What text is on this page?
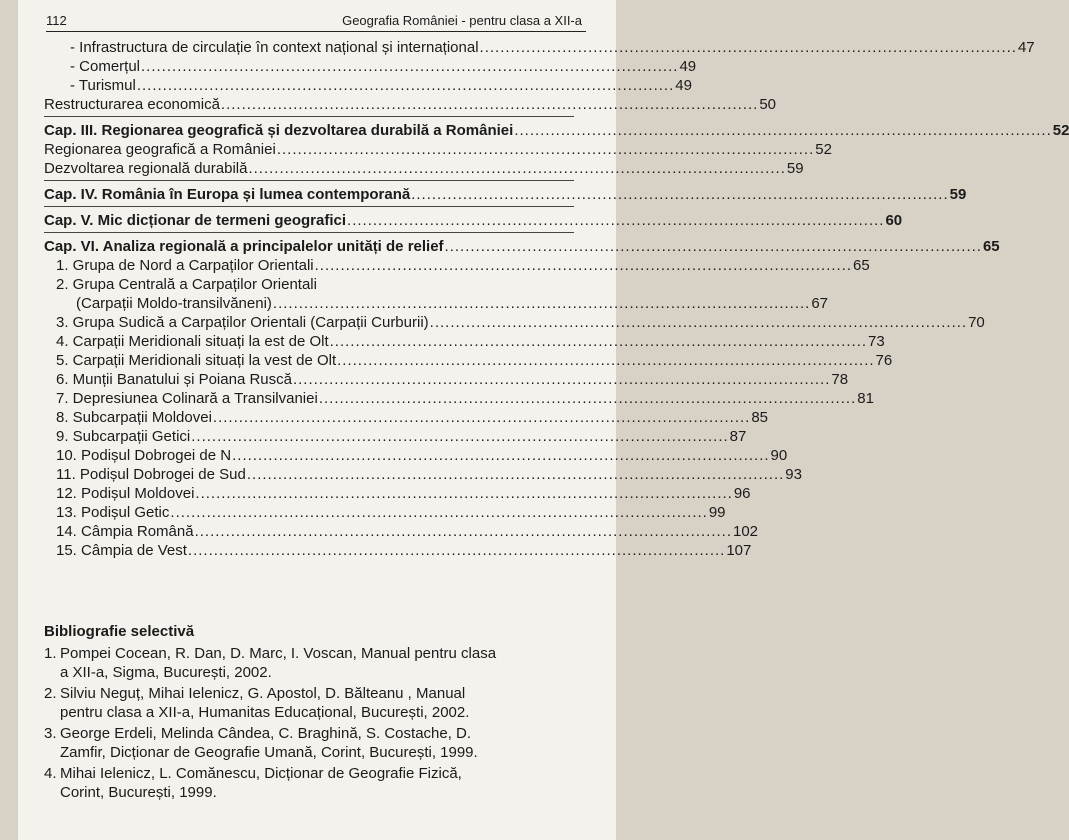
112	Geografia României - pentru clasa a XII-a
- Infrastructura de circulație în context național și internațional ........................................................................................................ 47
- Comerțul ........................................................................................................ 49
- Turismul ........................................................................................................ 49
Restructurarea economică ........................................................................................................ 50
Cap. III. Regionarea geografică și dezvoltarea durabilă a României ........................................................................................................ 52
Regionarea geografică a României ........................................................................................................ 52
Dezvoltarea regională durabilă ........................................................................................................ 59
Cap. IV. România în Europa și lumea contemporană ........................................................................................................ 59
Cap. V. Mic dicționar de termeni geografici ........................................................................................................ 60
Cap. VI. Analiza regională a principalelor unități de relief ........................................................................................................ 65
1. Grupa de Nord a Carpaților Orientali ........................................................................................................ 65
2. Grupa Centrală a Carpaților Orientali
(Carpații Moldo-transilvăneni) ........................................................................................................ 67
3. Grupa Sudică a Carpaților Orientali (Carpații Curburii) ........................................................................................................ 70
4. Carpații Meridionali situați la est de Olt ........................................................................................................ 73
5. Carpații Meridionali situați la vest de Olt ........................................................................................................ 76
6. Munții Banatului și Poiana Ruscă ........................................................................................................ 78
7. Depresiunea Colinară a Transilvaniei ........................................................................................................ 81
8. Subcarpații Moldovei ........................................................................................................ 85
9. Subcarpații Getici ........................................................................................................ 87
10. Podișul Dobrogei de N ........................................................................................................ 90
11. Podișul Dobrogei de Sud ........................................................................................................ 93
12. Podișul Moldovei ........................................................................................................ 96
13. Podișul Getic ........................................................................................................ 99
14. Câmpia Română ........................................................................................................ 102
15. Câmpia de Vest ........................................................................................................ 107
Bibliografie selectivă
1. Pompei Cocean, R. Dan, D. Marc, I. Voscan, Manual pentru clasa
a XII-a, Sigma, București, 2002.
2. Silviu Neguț, Mihai Ielenicz, G. Apostol, D. Bălteanu , Manual
pentru clasa a XII-a, Humanitas Educațional, București, 2002.
3. George Erdeli, Melinda Cândea, C. Braghină, S. Costache, D.
Zamfir, Dicționar de Geografie Umană, Corint, București, 1999.
4. Mihai Ielenicz, L. Comănescu, Dicționar de Geografie Fizică,
Corint, București, 1999.
